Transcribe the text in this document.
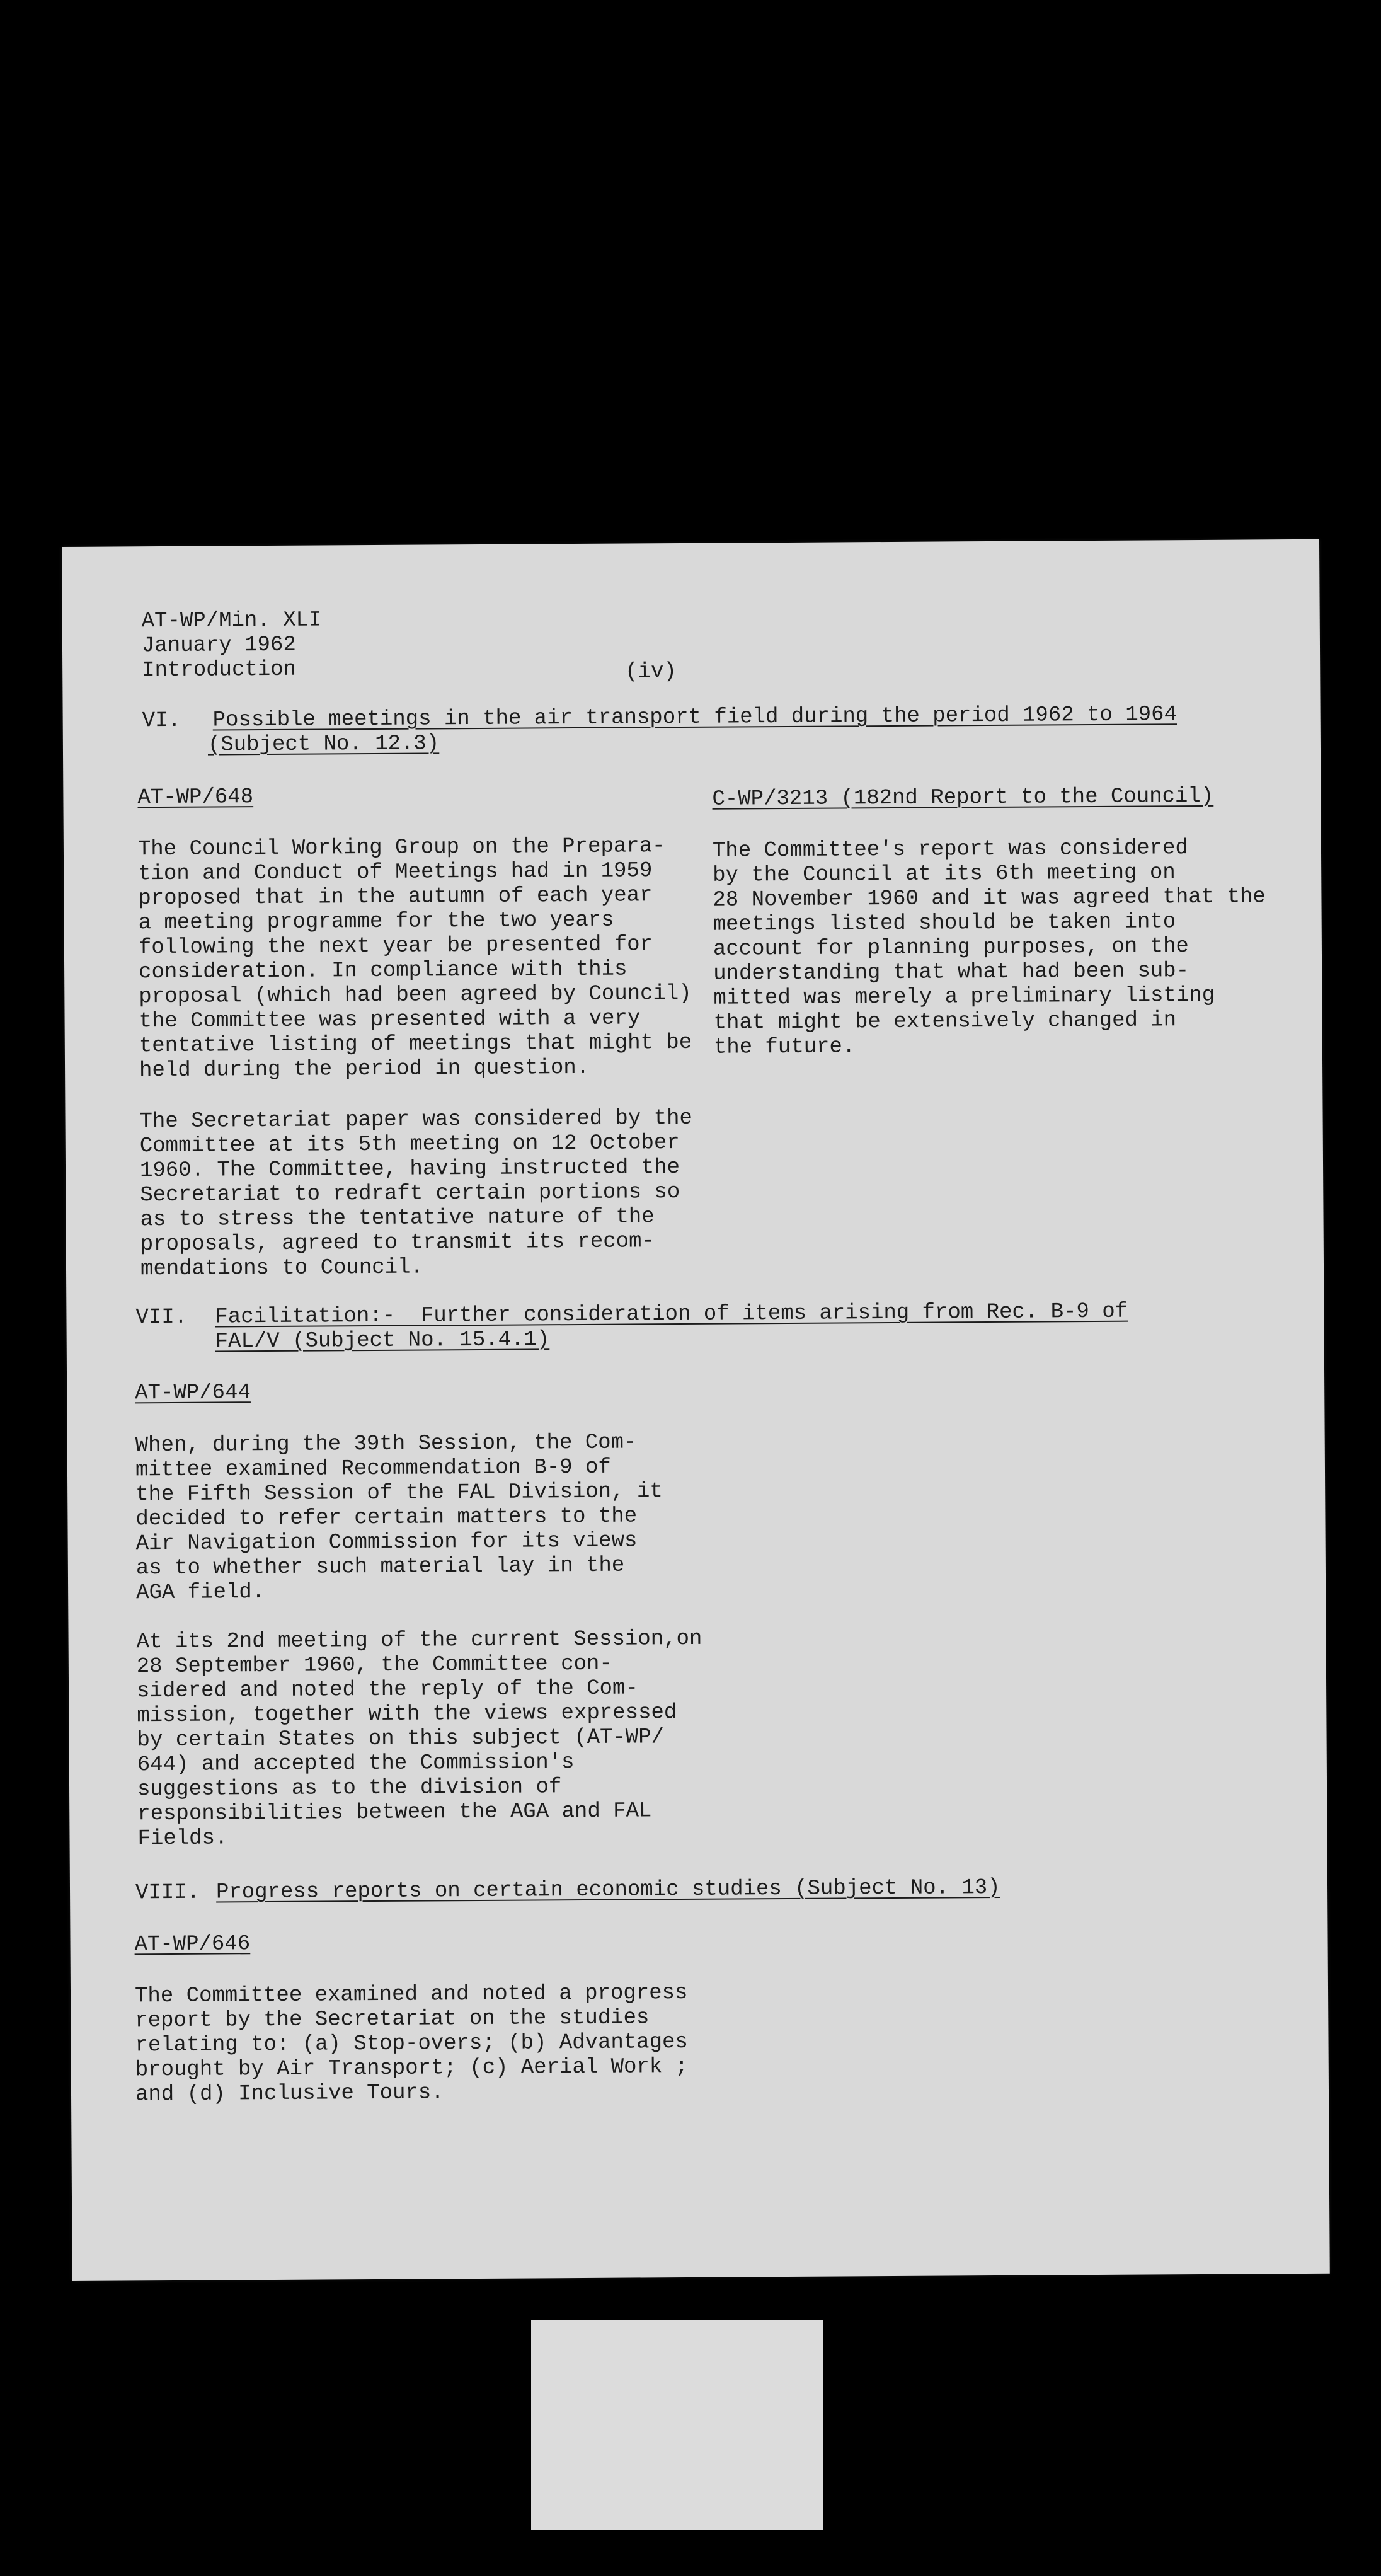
AT-WP/Min. XLI
January 1962
Introduction	(iv)
VI. Possible meetings in the air transport field during the period 1962 to 1964
(Subject No. 12.3)
AT-WP/648
The Council Working Group on the Prepara-
tion and Conduct of Meetings had in 1959
proposed that in the autumn of each year
a meeting programme for the two years
following the next year be presented for
consideration. In compliance with this
proposal (which had been agreed by Council)
the Committee was presented with a very
tentative listing of meetings that might be
held during the period in question.
The Secretariat paper was considered by the
Committee at its 5th meeting on 12 October
1960. The Committee, having instructed the
Secretariat to redraft certain portions so
as to stress the tentative nature of the
proposals, agreed to transmit its recom-
mendations to Council.
C-WP/3213 (182nd Report to the Council)
The Committee's report was considered
by the Council at its 6th meeting on
28 November 1960 and it was agreed that the
meetings listed should be taken into
account for planning purposes, on the
understanding that what had been sub-
mitted was merely a preliminary listing
that might be extensively changed in
the future.
VII. Facilitation:-  Further consideration of items arising from Rec. B-9 of
FAL/V (Subject No. 15.4.1)
AT-WP/644
When, during the 39th Session, the Com-
mittee examined Recommendation B-9 of
the Fifth Session of the FAL Division, it
decided to refer certain matters to the
Air Navigation Commission for its views
as to whether such material lay in the
AGA field.
At its 2nd meeting of the current Session,on
28 September 1960, the Committee con-
sidered and noted the reply of the Com-
mission, together with the views expressed
by certain States on this subject (AT-WP/
644) and accepted the Commission's
suggestions as to the division of
responsibilities between the AGA and FAL
Fields.
VIII. Progress reports on certain economic studies (Subject No. 13)
AT-WP/646
The Committee examined and noted a progress
report by the Secretariat on the studies
relating to: (a) Stop-overs; (b) Advantages
brought by Air Transport; (c) Aerial Work ;
and (d) Inclusive Tours.
